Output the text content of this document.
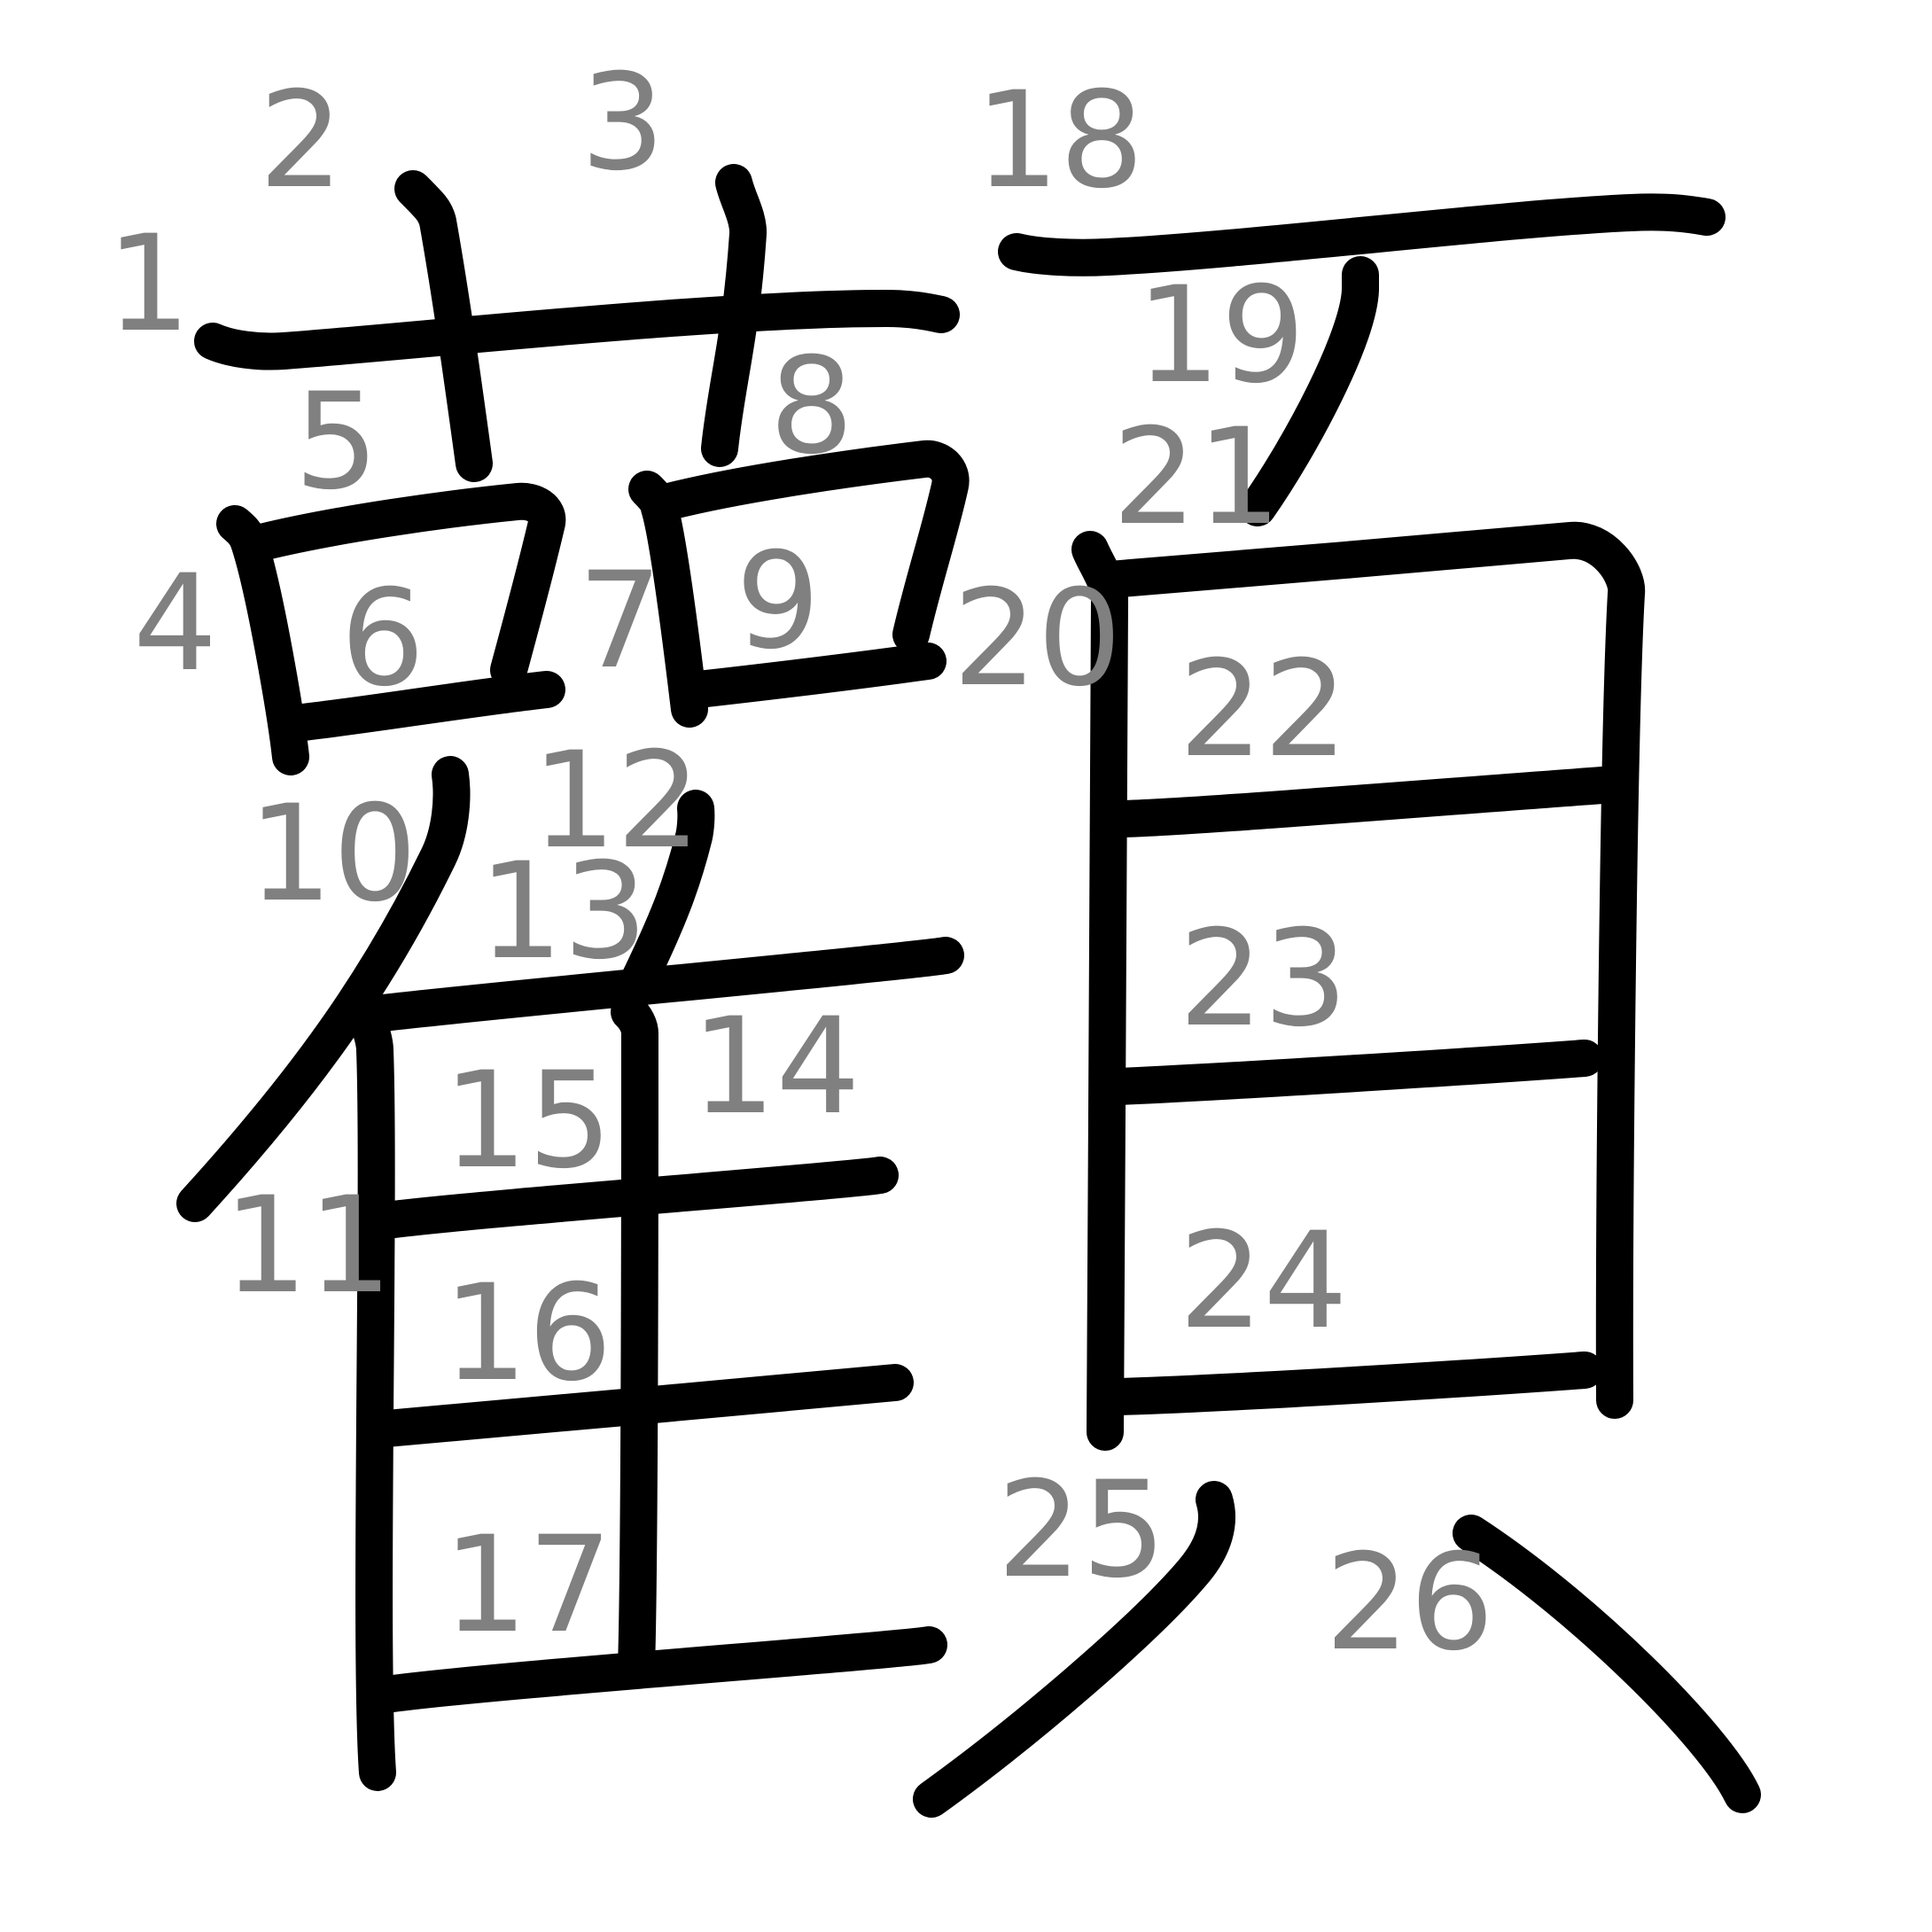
1
2 3
4
5
6 7
8
9
10
11
12
13
14
15
16
17
18
19
20
21
22
23
24
25 26
